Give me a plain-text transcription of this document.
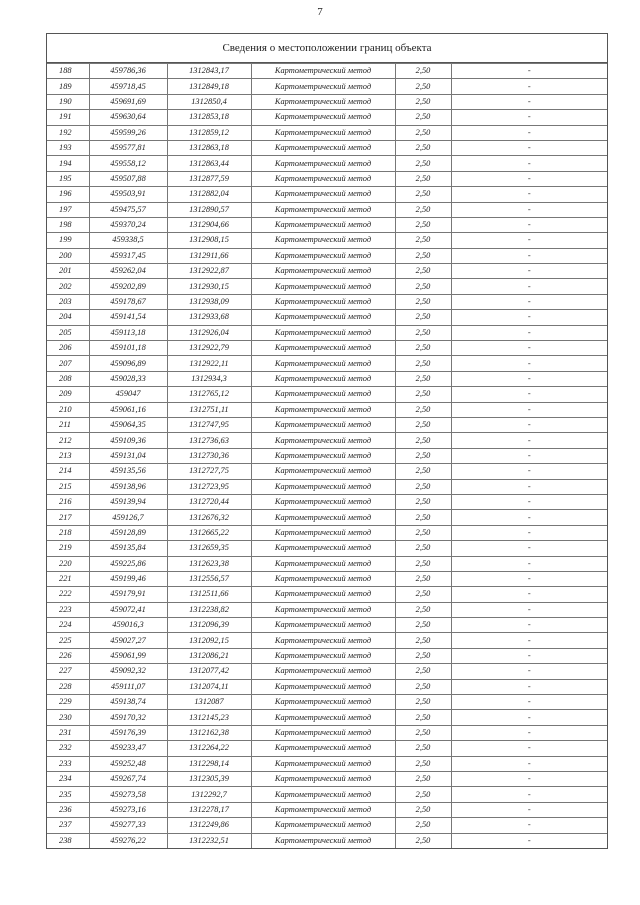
7
Сведения о местоположении границ объекта
188	459786,36	1312843,17	Картометрический метод	2,50	-
189	459718,45	1312849,18	Картометрический метод	2,50	-
190	459691,69	1312850,4	Картометрический метод	2,50	-
191	459630,64	1312853,18	Картометрический метод	2,50	-
192	459599,26	1312859,12	Картометрический метод	2,50	-
193	459577,81	1312863,18	Картометрический метод	2,50	-
194	459558,12	1312863,44	Картометрический метод	2,50	-
195	459507,88	1312877,59	Картометрический метод	2,50	-
196	459503,91	1312882,04	Картометрический метод	2,50	-
197	459475,57	1312890,57	Картометрический метод	2,50	-
198	459370,24	1312904,66	Картометрический метод	2,50	-
199	459338,5	1312908,15	Картометрический метод	2,50	-
200	459317,45	1312911,66	Картометрический метод	2,50	-
201	459262,04	1312922,87	Картометрический метод	2,50	-
202	459202,89	1312930,15	Картометрический метод	2,50	-
203	459178,67	1312938,09	Картометрический метод	2,50	-
204	459141,54	1312933,68	Картометрический метод	2,50	-
205	459113,18	1312926,04	Картометрический метод	2,50	-
206	459101,18	1312922,79	Картометрический метод	2,50	-
207	459096,89	1312922,11	Картометрический метод	2,50	-
208	459028,33	1312934,3	Картометрический метод	2,50	-
209	459047	1312765,12	Картометрический метод	2,50	-
210	459061,16	1312751,11	Картометрический метод	2,50	-
211	459064,35	1312747,95	Картометрический метод	2,50	-
212	459109,36	1312736,63	Картометрический метод	2,50	-
213	459131,04	1312730,36	Картометрический метод	2,50	-
214	459135,56	1312727,75	Картометрический метод	2,50	-
215	459138,96	1312723,95	Картометрический метод	2,50	-
216	459139,94	1312720,44	Картометрический метод	2,50	-
217	459126,7	1312676,32	Картометрический метод	2,50	-
218	459128,89	1312665,22	Картометрический метод	2,50	-
219	459135,84	1312659,35	Картометрический метод	2,50	-
220	459225,86	1312623,38	Картометрический метод	2,50	-
221	459199,46	1312556,57	Картометрический метод	2,50	-
222	459179,91	1312511,66	Картометрический метод	2,50	-
223	459072,41	1312238,82	Картометрический метод	2,50	-
224	459016,3	1312096,39	Картометрический метод	2,50	-
225	459027,27	1312092,15	Картометрический метод	2,50	-
226	459061,99	1312086,21	Картометрический метод	2,50	-
227	459092,32	1312077,42	Картометрический метод	2,50	-
228	459111,07	1312074,11	Картометрический метод	2,50	-
229	459138,74	1312087	Картометрический метод	2,50	-
230	459170,32	1312145,23	Картометрический метод	2,50	-
231	459176,39	1312162,38	Картометрический метод	2,50	-
232	459233,47	1312264,22	Картометрический метод	2,50	-
233	459252,48	1312298,14	Картометрический метод	2,50	-
234	459267,74	1312305,39	Картометрический метод	2,50	-
235	459273,58	1312292,7	Картометрический метод	2,50	-
236	459273,16	1312278,17	Картометрический метод	2,50	-
237	459277,33	1312249,86	Картометрический метод	2,50	-
238	459276,22	1312232,51	Картометрический метод	2,50	-
